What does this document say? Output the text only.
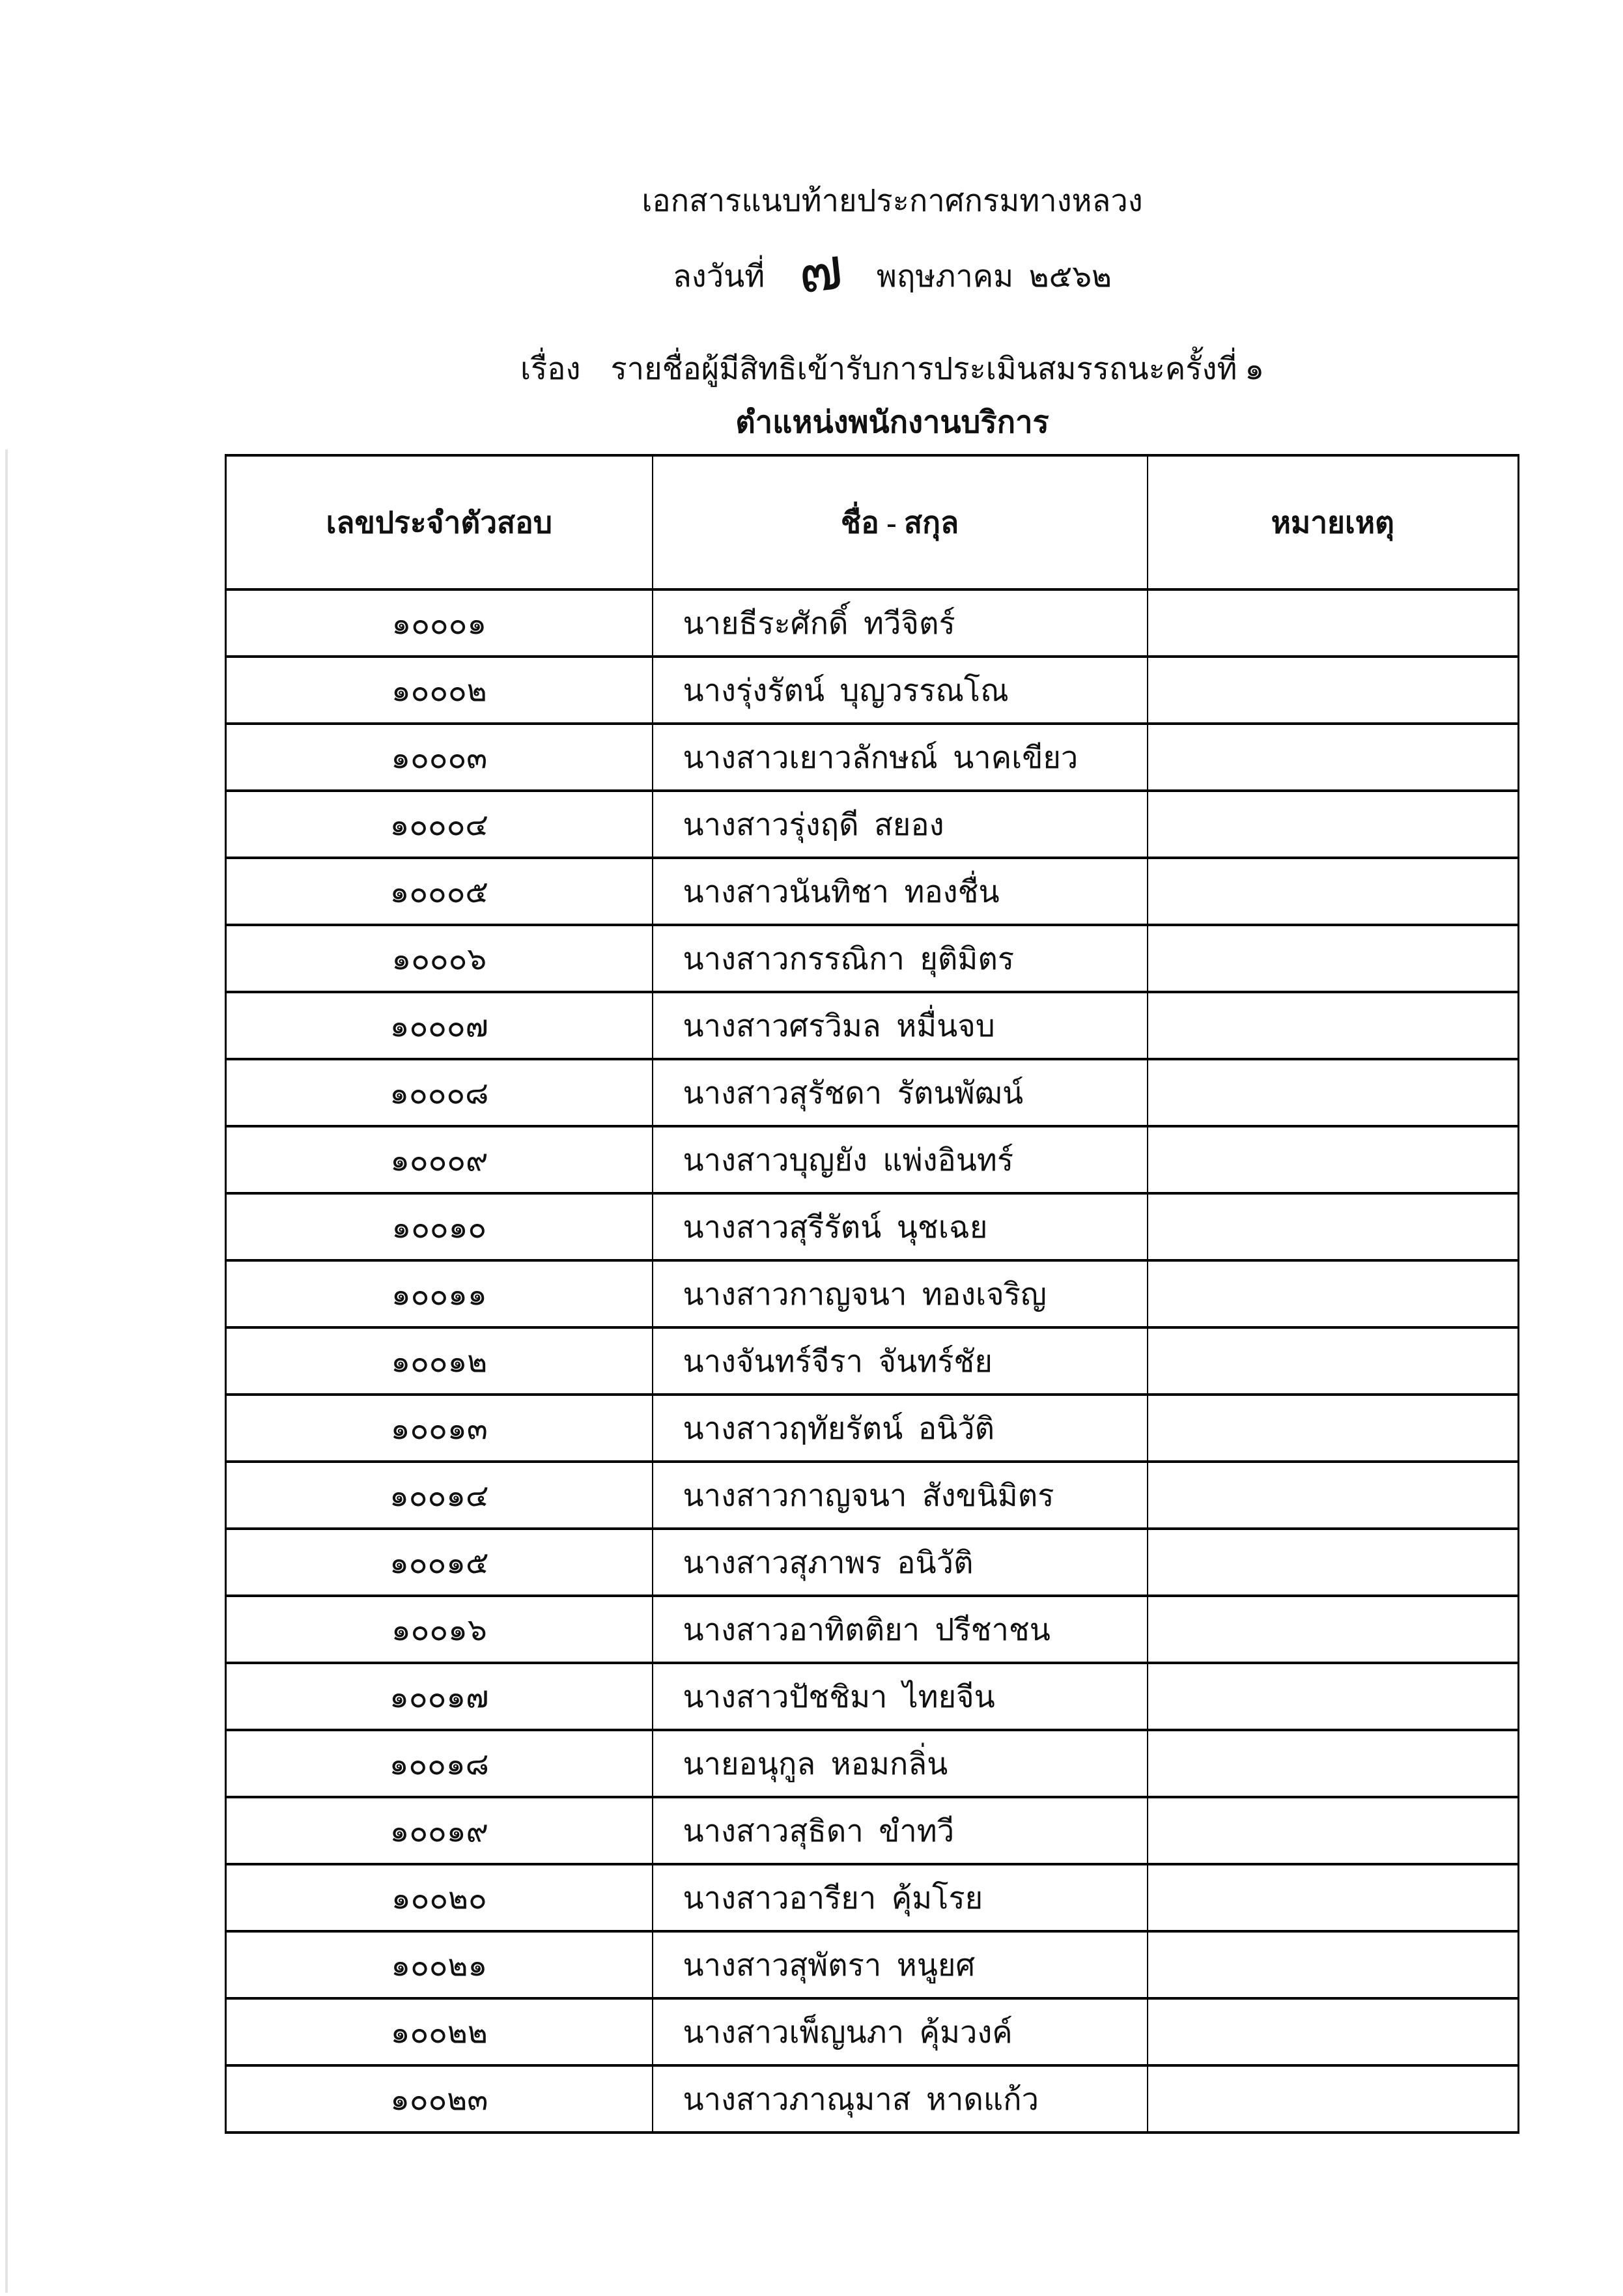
เอกสารแนบท้ายประกาศกรมทางหลวง
ลงวันที่ ๗ พฤษภาคม  ๒๕๖๒
เรื่อง รายชื่อผู้มีสิทธิเข้ารับการประเมินสมรรถนะครั้งที่ ๑
ตำแหน่งพนักงานบริการ
เลขประจำตัวสอบ	ชื่อ - สกุล	หมายเหตุ
๑๐๐๐๑	นายธีระศักดิ์  ทวีจิตร์	
๑๐๐๐๒	นางรุ่งรัตน์  บุญวรรณโณ	
๑๐๐๐๓	นางสาวเยาวลักษณ์  นาคเขียว	
๑๐๐๐๔	นางสาวรุ่งฤดี  สยอง	
๑๐๐๐๕	นางสาวนันทิชา  ทองชื่น	
๑๐๐๐๖	นางสาวกรรณิกา  ยุติมิตร	
๑๐๐๐๗	นางสาวศรวิมล  หมื่นจบ	
๑๐๐๐๘	นางสาวสุรัชดา  รัตนพัฒน์	
๑๐๐๐๙	นางสาวบุญยัง  แพ่งอินทร์	
๑๐๐๑๐	นางสาวสุรีรัตน์  นุชเฉย	
๑๐๐๑๑	นางสาวกาญจนา  ทองเจริญ	
๑๐๐๑๒	นางจันทร์จีรา  จันทร์ชัย	
๑๐๐๑๓	นางสาวฤทัยรัตน์  อนิวัติ	
๑๐๐๑๔	นางสาวกาญจนา  สังขนิมิตร	
๑๐๐๑๕	นางสาวสุภาพร  อนิวัติ	
๑๐๐๑๖	นางสาวอาทิตติยา  ปรีชาชน	
๑๐๐๑๗	นางสาวปัชชิมา  ไทยจีน	
๑๐๐๑๘	นายอนุกูล  หอมกลิ่น	
๑๐๐๑๙	นางสาวสุธิดา  ขำทวี	
๑๐๐๒๐	นางสาวอารียา  คุ้มโรย	
๑๐๐๒๑	นางสาวสุพัตรา  หนูยศ	
๑๐๐๒๒	นางสาวเพ็ญนภา  คุ้มวงค์	
๑๐๐๒๓	นางสาวภาณุมาส  หาดแก้ว	
